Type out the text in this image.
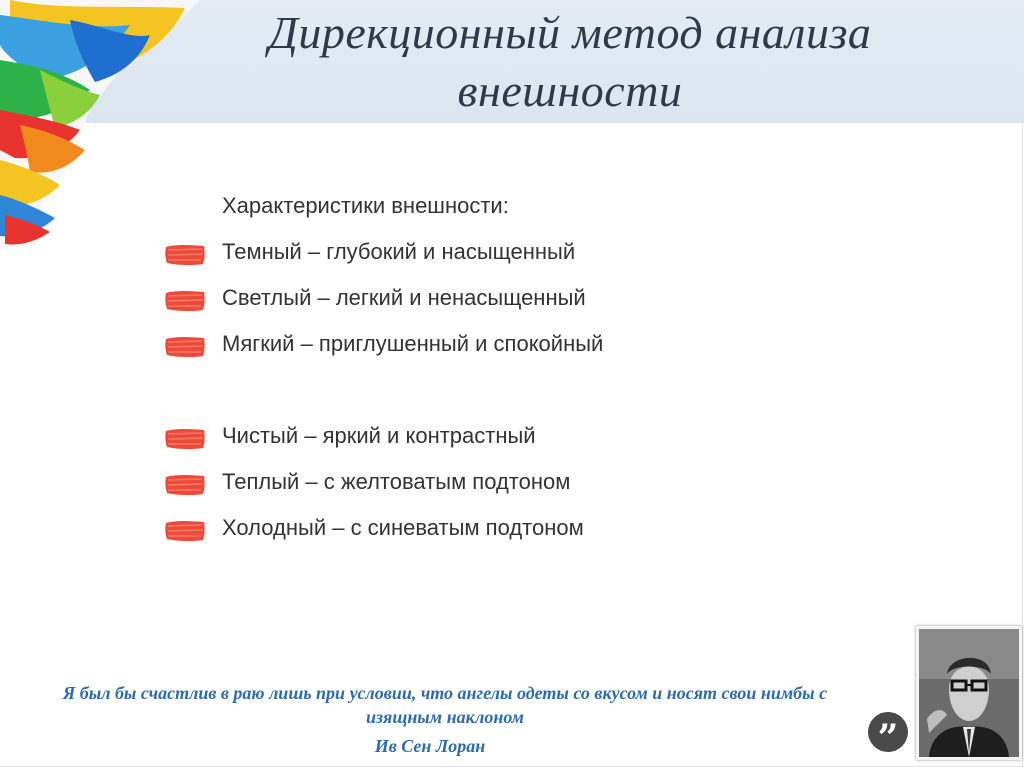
Дирекционный метод анализа внешности
Характеристики внешности:
Темный – глубокий и насыщенный
Светлый – легкий и ненасыщенный
Мягкий – приглушенный и спокойный
Чистый – яркий и контрастный
Теплый – с желтоватым подтоном
Холодный – с синеватым подтоном
Я был бы счастлив в раю лишь при условии, что ангелы одеты со вкусом и носят свои нимбы с изящным наклоном
Ив Сен Лоран	”
